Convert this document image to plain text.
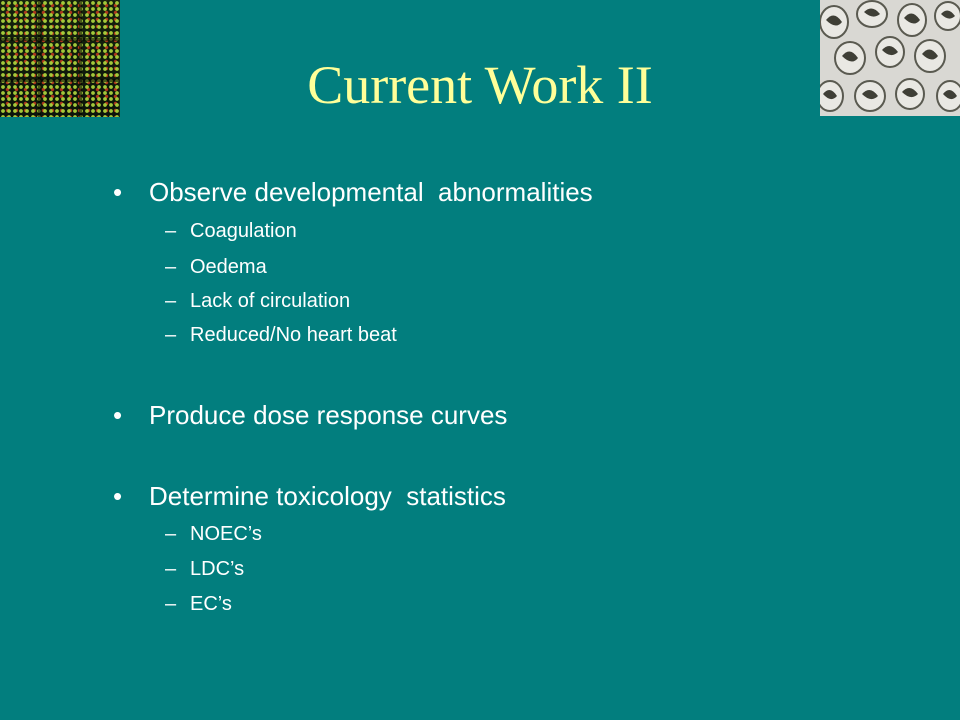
Current Work II
• Observe developmental  abnormalities
– Coagulation
– Oedema
– Lack of circulation
– Reduced/No heart beat
• Produce dose response curves
• Determine toxicology  statistics
– NOEC’s
– LDC’s
– EC’s
